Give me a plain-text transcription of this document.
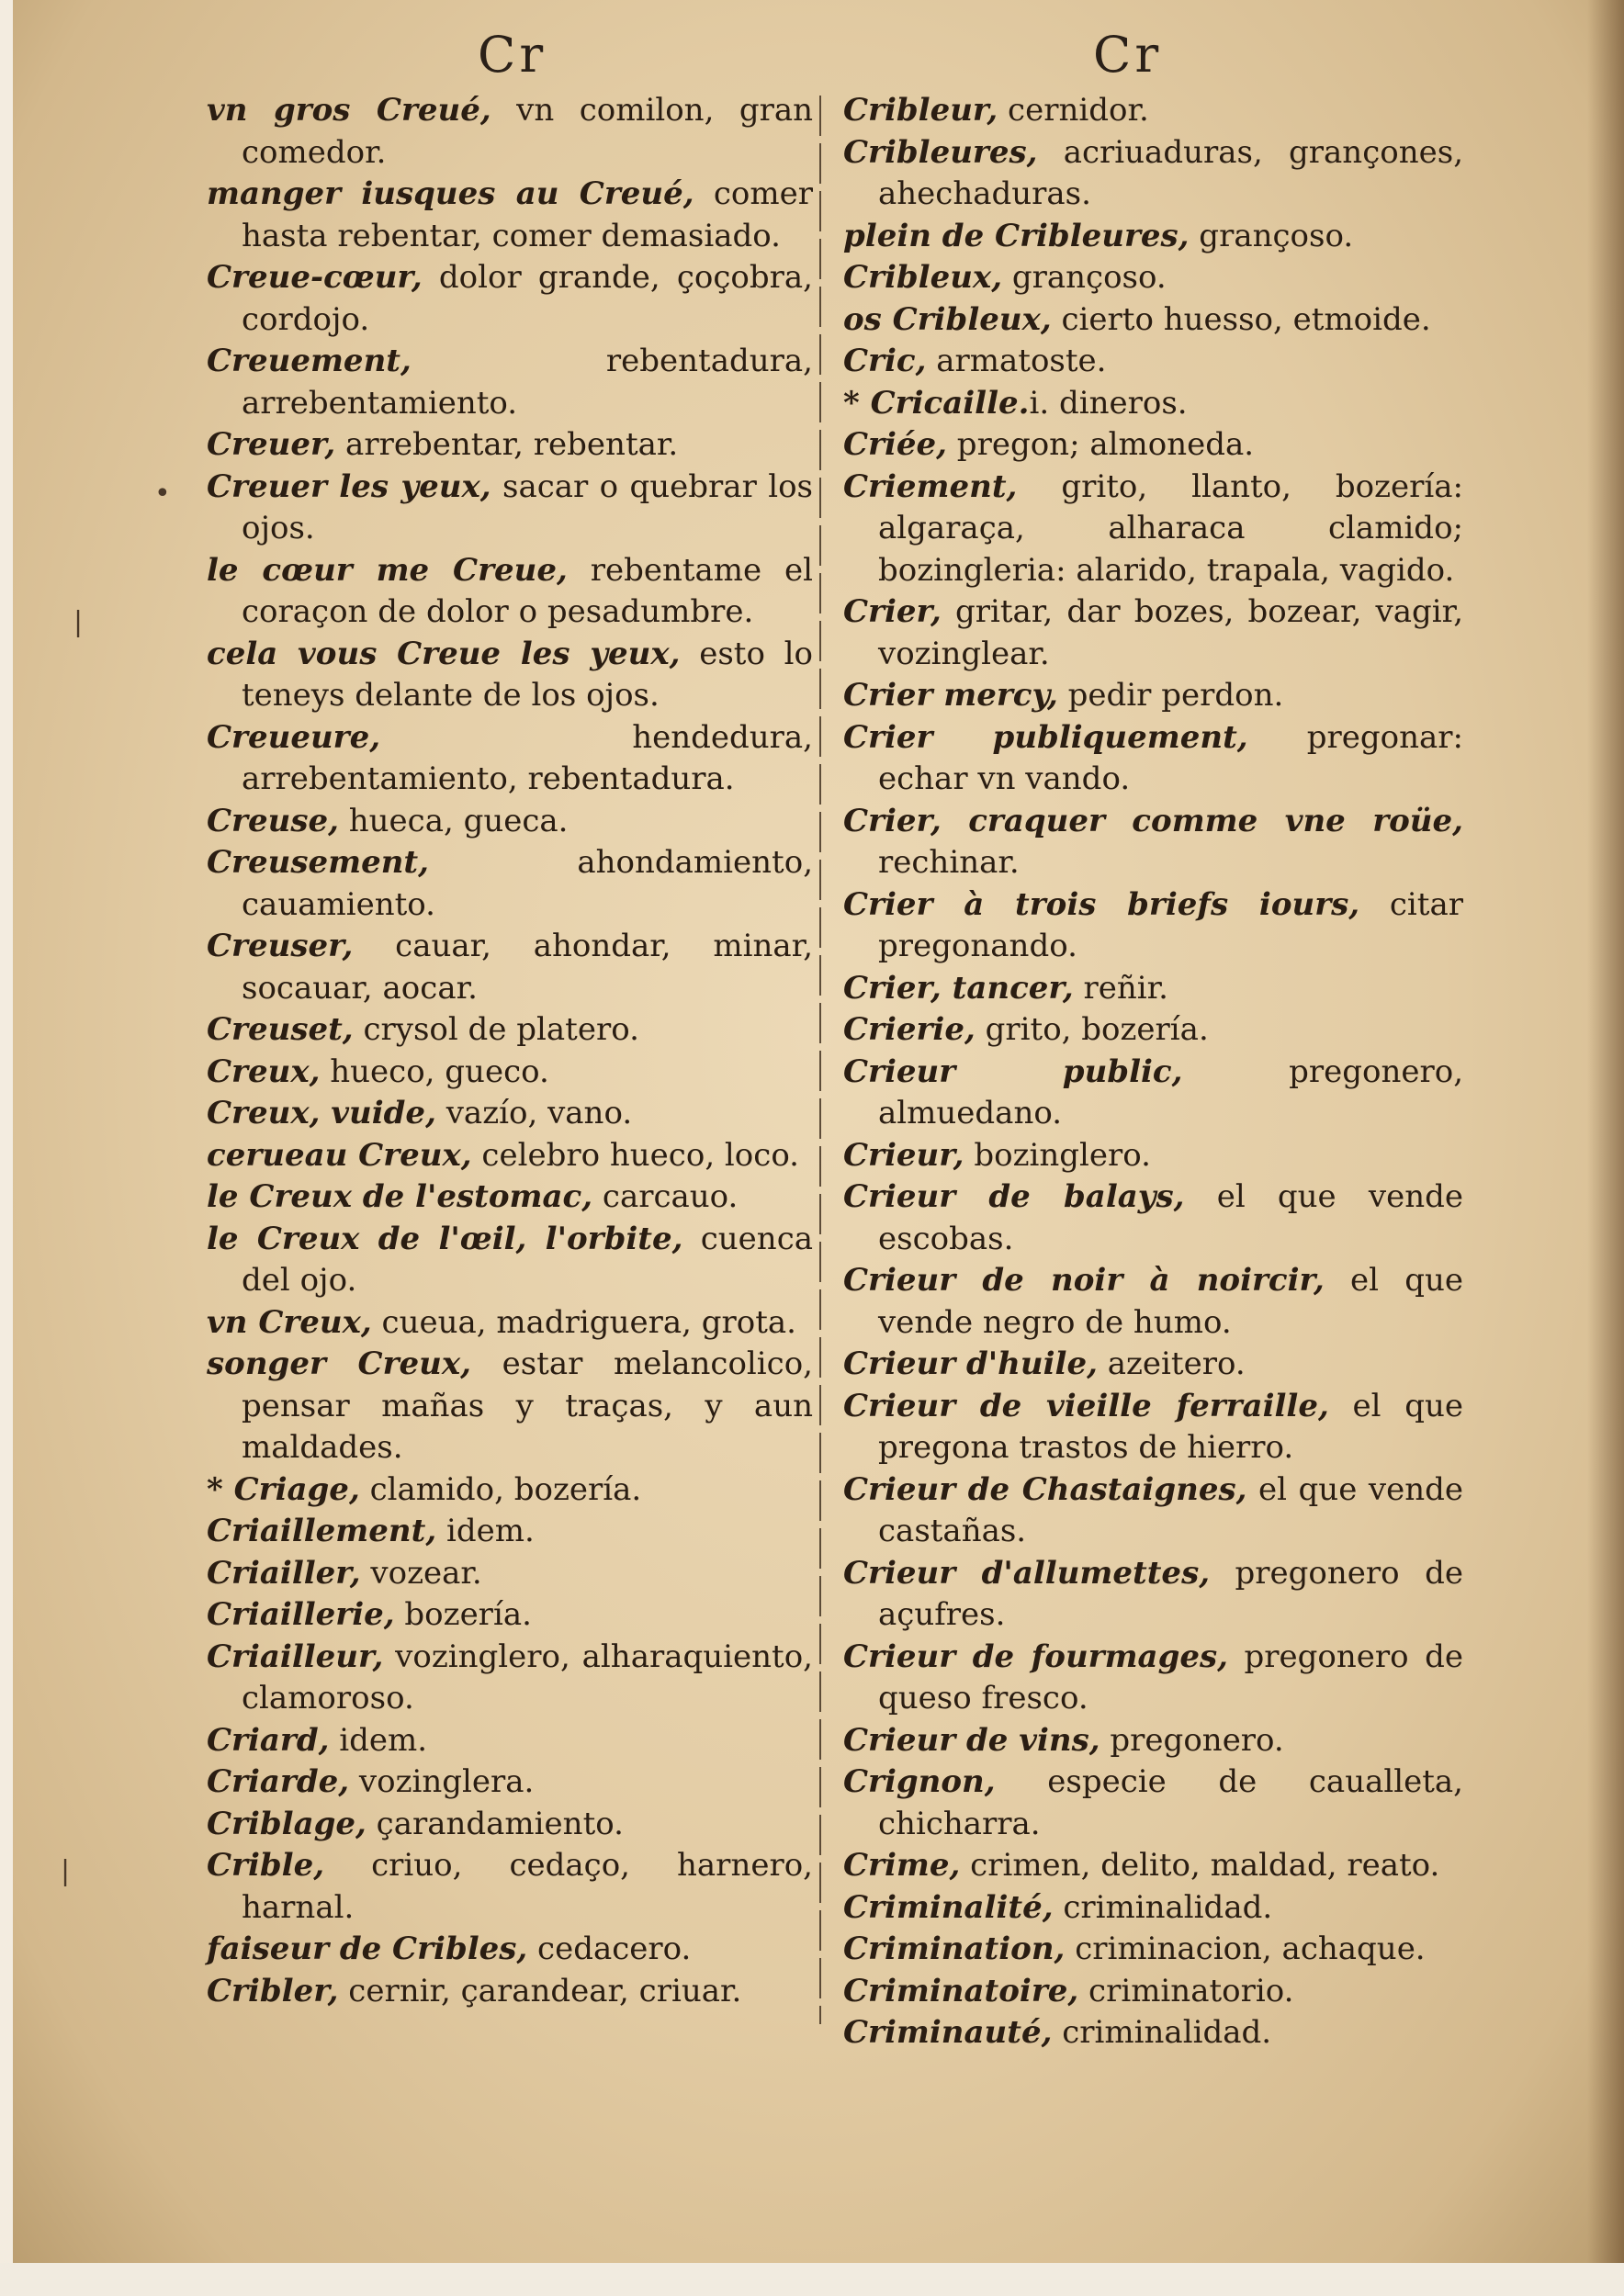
Cr	Cr
vn gros Creué, vn comilon, gran comedor.
manger iusques au Creué, comer hasta rebentar, comer demasiado.
Creue-cœur, dolor grande, çoçobra, cordojo.
Creuement, rebentadura, arrebentamiento.
Creuer, arrebentar, rebentar.
Creuer les yeux, sacar o quebrar los ojos.
le cœur me Creue, rebentame el coraçon de dolor o pesadumbre.
cela vous Creue les yeux, esto lo teneys delante de los ojos.
Creueure, hendedura, arrebentamiento, rebentadura.
Creuse, hueca, gueca.
Creusement, ahondamiento, cauamiento.
Creuser, cauar, ahondar, minar, socauar, aocar.
Creuset, crysol de platero.
Creux, hueco, gueco.
Creux, vuide, vazío, vano.
cerueau Creux, celebro hueco, loco.
le Creux de l'estomac, carcauo.
le Creux de l'œil, l'orbite, cuenca del ojo.
vn Creux, cueua, madriguera, grota.
songer Creux, estar melancolico, pensar mañas y traças, y aun maldades.
* Criage, clamido, bozería.
Criaillement, idem.
Criailler, vozear.
Criaillerie, bozería.
Criailleur, vozinglero, alharaquiento, clamoroso.
Criard, idem.
Criarde, vozinglera.
Criblage, çarandamiento.
Crible, criuo, cedaço, harnero, harnal.
faiseur de Cribles, cedacero.
Cribler, cernir, çarandear, criuar.
Cribleur, cernidor.
Cribleures, acriuaduras, grançones, ahechaduras.
plein de Cribleures, grançoso.
Cribleux, grançoso.
os Cribleux, cierto huesso, etmoide.
Cric, armatoste.
* Cricaille.i. dineros.
Criée, pregon; almoneda.
Criement, grito, llanto, bozería: algaraça, alharaca clamido; bozingleria: alarido, trapala, vagido.
Crier, gritar, dar bozes, bozear, vagir, vozinglear.
Crier mercy, pedir perdon.
Crier publiquement, pregonar: echar vn vando.
Crier, craquer comme vne roüe, rechinar.
Crier à trois briefs iours, citar pregonando.
Crier, tancer, reñir.
Crierie, grito, bozería.
Crieur public, pregonero, almuedano.
Crieur, bozinglero.
Crieur de balays, el que vende escobas.
Crieur de noir à noircir, el que vende negro de humo.
Crieur d'huile, azeitero.
Crieur de vieille ferraille, el que pregona trastos de hierro.
Crieur de Chastaignes, el que vende castañas.
Crieur d'allumettes, pregonero de açufres.
Crieur de fourmages, pregonero de queso fresco.
Crieur de vins, pregonero.
Crignon, especie de caualleta, chicharra.
Crime, crimen, delito, maldad, reato.
Criminalité, criminalidad.
Crimination, criminacion, achaque.
Criminatoire, criminatorio.
Criminauté, criminalidad.
•
|
|
